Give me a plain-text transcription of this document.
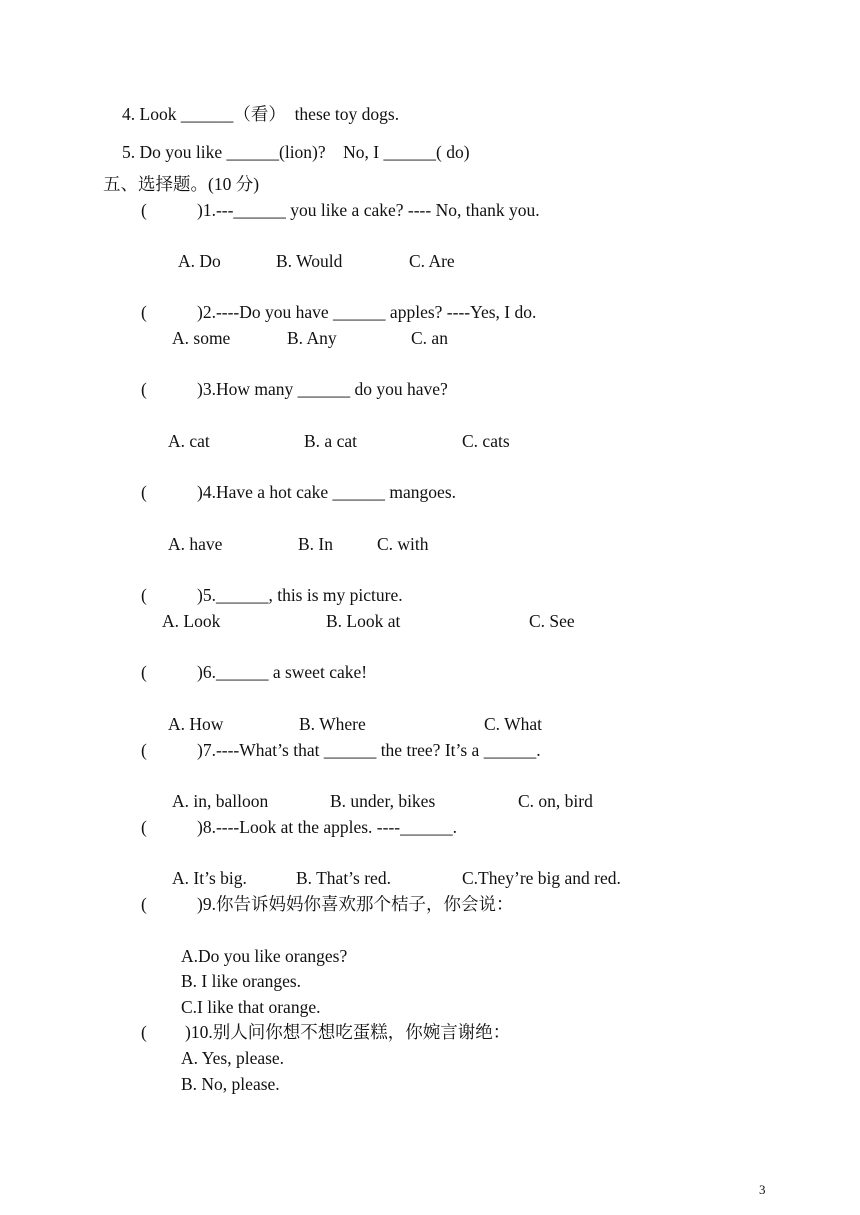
4. Look ______（看）  these toy dogs.
5. Do you like ______(lion)?    No, I ______( do)
五、选择题。(10 分)
(	)1.---______ you like a cake? ---- No, thank you.
A. Do	B. Would	C. Are
(	)2.----Do you have ______ apples? ----Yes, I do.
A. some	B. Any	C. an
(	)3.How many ______ do you have?
A. cat	B. a cat	C. cats
(	)4.Have a hot cake ______ mangoes.
A. have	B. In	C. with
(	)5.______, this is my picture.
A. Look	B. Look at	C. See
(	)6.______ a sweet cake!
A. How	B. Where	C. What
(	)7.----What’s that ______ the tree? It’s a ______.
A. in, balloon	B. under, bikes	C. on, bird
(	)8.----Look at the apples. ----______.
A. It’s big.	B. That’s red.	C.They’re big and red.
(	)9.你告诉妈妈你喜欢那个桔子，你会说：
A.Do you like oranges?
B. I like oranges.
C.I like that orange.
( )10.别人问你想不想吃蛋糕，你婉言谢绝：
A. Yes, please.
B. No, please.
3
